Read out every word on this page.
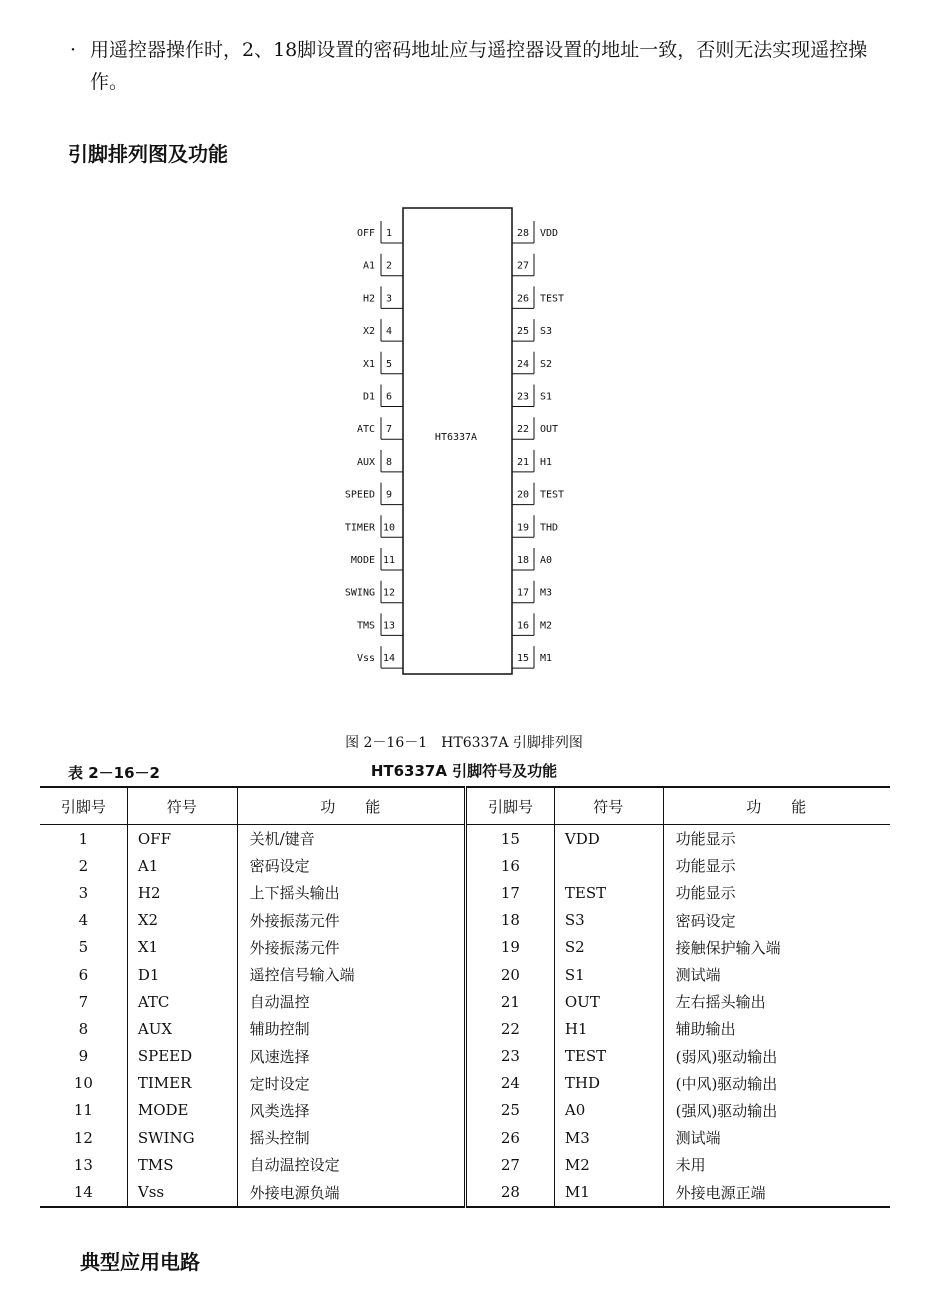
· 用遥控器操作时，2、18脚设置的密码地址应与遥控器设置的地址一致，否则无法实现遥控操作。
引脚排列图及功能
HT6337A
1
OFF
2
A1
3
H2
4
X2
5
X1
6
D1
7
ATC
8
AUX
9
SPEED
10
TIMER
11
MODE
12
SWING
13
TMS
14
Vss
28 VDD
27
26 TEST
25 S3
24 S2
23 S1
22 OUT
21 H1
20 TEST
19 THD
18 A0
17 M3
16 M2
15 M1
图 2－16－1　HT6337A 引脚排列图
表 2－16－2	HT6337A 引脚符号及功能
引脚号	符号	功　　能	引脚号	符号	功　　能
1	OFF	关机/键音	15	VDD	功能显示
2	A1	密码设定	16		功能显示
3	H2	上下摇头输出	17	TEST	功能显示
4	X2	外接振荡元件	18	S3	密码设定
5	X1	外接振荡元件	19	S2	接触保护输入端
6	D1	遥控信号输入端	20	S1	测试端
7	ATC	自动温控	21	OUT	左右摇头输出
8	AUX	辅助控制	22	H1	辅助输出
9	SPEED	风速选择	23	TEST	(弱风)驱动输出
10	TIMER	定时设定	24	THD	(中风)驱动输出
11	MODE	风类选择	25	A0	(强风)驱动输出
12	SWING	摇头控制	26	M3	测试端
13	TMS	自动温控设定	27	M2	未用
14	Vss	外接电源负端	28	M1	外接电源正端
典型应用电路
